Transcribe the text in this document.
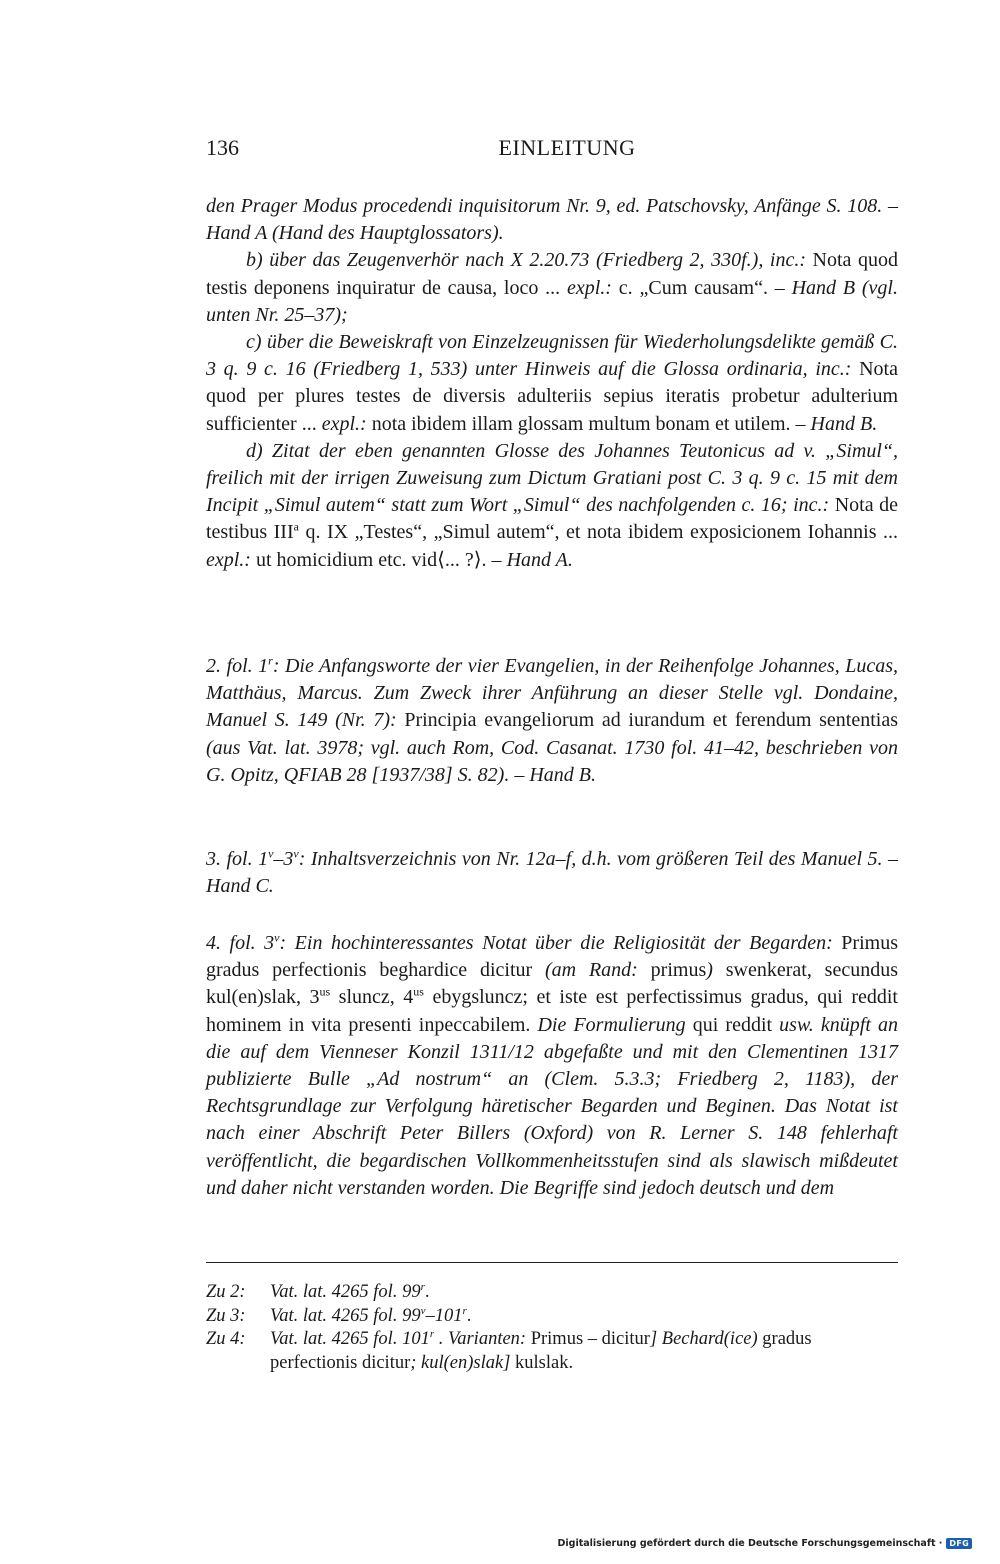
136	EINLEITUNG

den Prager Modus procedendi inquisitorum Nr. 9, ed. Patschovsky, Anfänge S. 108. – Hand A (Hand des Hauptglossators).

b) über das Zeugenverhör nach X 2.20.73 (Friedberg 2, 330f.), inc.: Nota quod testis deponens inquiratur de causa, loco ... expl.: c. „Cum causam“. – Hand B (vgl. unten Nr. 25–37);

c) über die Beweiskraft von Einzelzeugnissen für Wiederholungsdelikte gemäß C. 3 q. 9 c. 16 (Friedberg 1, 533) unter Hinweis auf die Glossa ordinaria, inc.: Nota quod per plures testes de diversis adulteriis sepius iteratis probetur adulterium sufficienter ... expl.: nota ibidem illam glossam multum bonam et utilem. – Hand B.

d) Zitat der eben genannten Glosse des Johannes Teutonicus ad v. „Simul“, freilich mit der irrigen Zuweisung zum Dictum Gratiani post C. 3 q. 9 c. 15 mit dem Incipit „Simul autem“ statt zum Wort „Simul“ des nachfolgenden c. 16; inc.: Nota de testibus III$^a$ q. IX „Testes“, „Simul autem“, et nota ibidem exposicionem Iohannis ... expl.: ut homicidium etc. vid⟨... ?⟩. – Hand A.

2. fol. 1$^r$: Die Anfangsworte der vier Evangelien, in der Reihenfolge Johannes, Lucas, Matthäus, Marcus. Zum Zweck ihrer Anführung an dieser Stelle vgl. Dondaine, Manuel S. 149 (Nr. 7): Principia evangeliorum ad iurandum et ferendum sententias (aus Vat. lat. 3978; vgl. auch Rom, Cod. Casanat. 1730 fol. 41–42, beschrieben von G. Opitz, QFIAB 28 [1937/38] S. 82). – Hand B.

3. fol. 1$^v$–3$^v$: Inhaltsverzeichnis von Nr. 12a–f, d.h. vom größeren Teil des Manuel 5. – Hand C.

4. fol. 3$^v$: Ein hochinteressantes Notat über die Religiosität der Begarden: Primus gradus perfectionis beghardice dicitur (am Rand: primus) swenkerat, secundus kul(en)slak, $3^{us}$ sluncz, $4^{us}$ ebygsluncz; et iste est perfectissimus gradus, qui reddit hominem in vita presenti inpeccabilem. Die Formulierung qui reddit usw. knüpft an die auf dem Vienneser Konzil 1311/12 abgefaßte und mit den Clementinen 1317 publizierte Bulle „Ad nostrum“ an (Clem. 5.3.3; Friedberg 2, 1183), der Rechtsgrundlage zur Verfolgung häretischer Begarden und Beginen. Das Notat ist nach einer Abschrift Peter Billers (Oxford) von R. Lerner S. 148 fehlerhaft veröffentlicht, die begardischen Vollkommenheitsstufen sind als slawisch mißdeutet und daher nicht verstanden worden. Die Begriffe sind jedoch deutsch und dem

Zu 2:	Vat. lat. 4265 fol. 99$^r$.
Zu 3:	Vat. lat. 4265 fol. 99$^v$–101$^r$.
Zu 4:	Vat. lat. 4265 fol. 101$^r$ . Varianten: Primus – dicitur] Bechard(ice) gradus perfectionis dicitur; kul(en)slak] kulslak.
Digitalisierung gefördert durch die Deutsche Forschungsgemeinschaft · DFG
